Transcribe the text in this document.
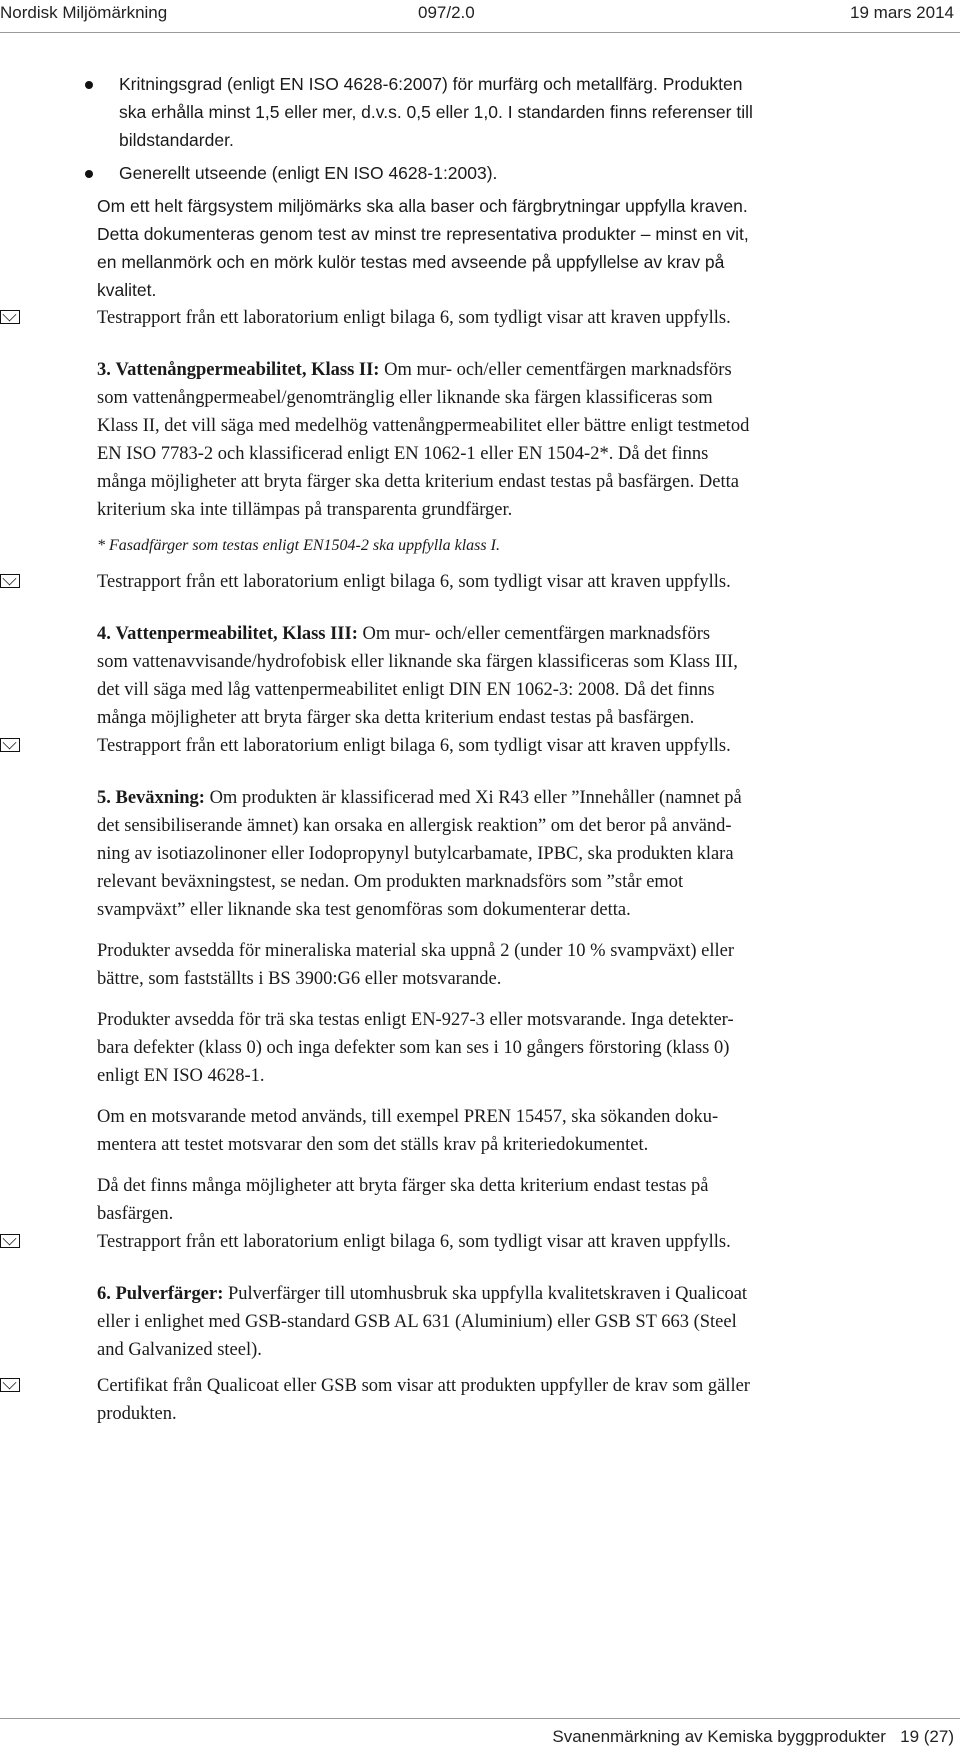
Nordisk Miljömärkning	097/2.0	19 mars 2014
Kritningsgrad (enligt EN ISO 4628-6:2007) för murfärg och metallfärg. Produkten
ska erhålla minst 1,5 eller mer, d.v.s. 0,5 eller 1,0. I standarden finns referenser till
bildstandarder.
Generellt utseende (enligt EN ISO 4628-1:2003).
Om ett helt färgsystem miljömärks ska alla baser och färgbrytningar uppfylla kraven.
Detta dokumenteras genom test av minst tre representativa produkter – minst en vit,
en mellanmörk och en mörk kulör testas med avseende på uppfyllelse av krav på
kvalitet.
Testrapport från ett laboratorium enligt bilaga 6, som tydligt visar att kraven uppfylls.
3. Vattenångpermeabilitet, Klass II: Om mur- och/eller cementfärgen marknadsförs
som vattenångpermeabel/genomtränglig eller liknande ska färgen klassificeras som
Klass II, det vill säga med medelhög vattenångpermeabilitet eller bättre enligt testmetod
EN ISO 7783-2 och klassificerad enligt EN 1062-1 eller EN 1504-2*. Då det finns
många möjligheter att bryta färger ska detta kriterium endast testas på basfärgen. Detta
kriterium ska inte tillämpas på transparenta grundfärger.
* Fasadfärger som testas enligt EN1504-2 ska uppfylla klass I.
Testrapport från ett laboratorium enligt bilaga 6, som tydligt visar att kraven uppfylls.
4. Vattenpermeabilitet, Klass III: Om mur- och/eller cementfärgen marknadsförs
som vattenavvisande/hydrofobisk eller liknande ska färgen klassificeras som Klass III,
det vill säga med låg vattenpermeabilitet enligt DIN EN 1062-3: 2008. Då det finns
många möjligheter att bryta färger ska detta kriterium endast testas på basfärgen.
Testrapport från ett laboratorium enligt bilaga 6, som tydligt visar att kraven uppfylls.
5. Beväxning: Om produkten är klassificerad med Xi R43 eller ”Innehåller (namnet på
det sensibiliserande ämnet) kan orsaka en allergisk reaktion” om det beror på använd-
ning av isotiazolinoner eller Iodopropynyl butylcarbamate, IPBC, ska produkten klara
relevant beväxningstest, se nedan. Om produkten marknadsförs som ”står emot
svampväxt” eller liknande ska test genomföras som dokumenterar detta.
Produkter avsedda för mineraliska material ska uppnå 2 (under 10 % svampväxt) eller
bättre, som fastställts i BS 3900:G6 eller motsvarande.
Produkter avsedda för trä ska testas enligt EN-927-3 eller motsvarande. Inga detekter-
bara defekter (klass 0) och inga defekter som kan ses i 10 gångers förstoring (klass 0)
enligt EN ISO 4628-1.
Om en motsvarande metod används, till exempel PREN 15457, ska sökanden doku-
mentera att testet motsvarar den som det ställs krav på kriteriedokumentet.
Då det finns många möjligheter att bryta färger ska detta kriterium endast testas på
basfärgen.
Testrapport från ett laboratorium enligt bilaga 6, som tydligt visar att kraven uppfylls.
6. Pulverfärger: Pulverfärger till utomhusbruk ska uppfylla kvalitetskraven i Qualicoat
eller i enlighet med GSB-standard GSB AL 631 (Aluminium) eller GSB ST 663 (Steel
and Galvanized steel).
Certifikat från Qualicoat eller GSB som visar att produkten uppfyller de krav som gäller
produkten.
Svanenmärkning av Kemiska byggprodukter   19 (27)
